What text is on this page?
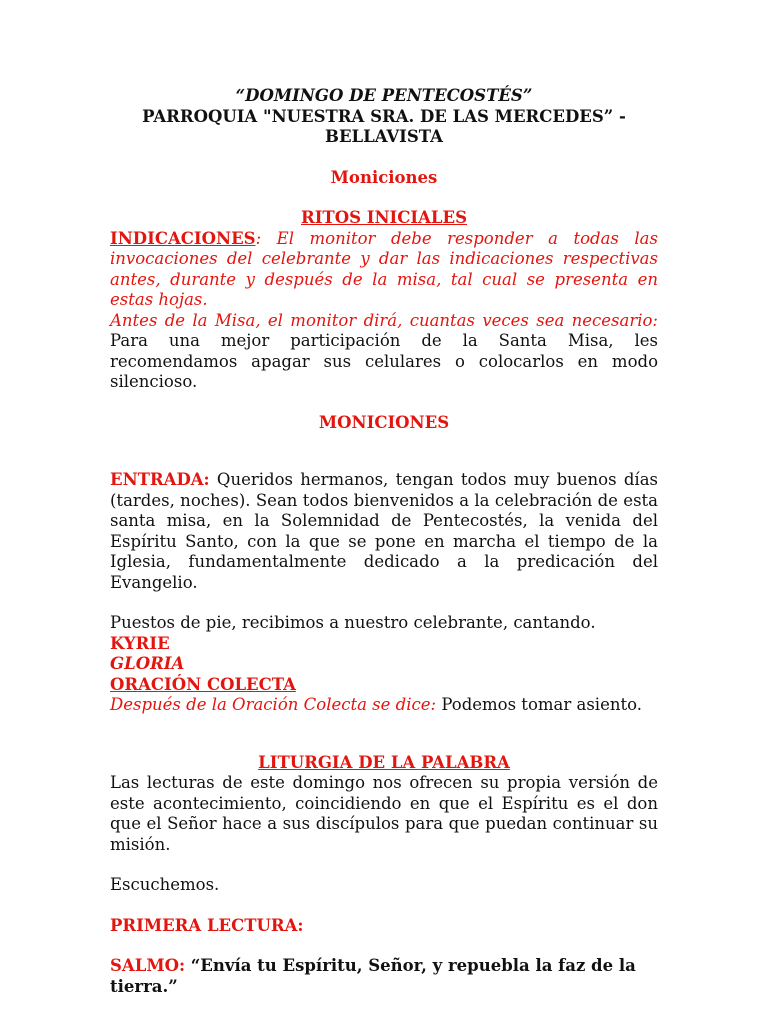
“DOMINGO DE PENTECOSTÉS”

PARROQUIA "NUESTRA SRA. DE LAS MERCEDES” -

BELLAVISTA

Moniciones

RITOS INICIALES

INDICACIONES: El monitor debe responder a todas las invocaciones del celebrante y dar las indicaciones respectivas antes, durante y después de la misa, tal cual se presenta en estas hojas.

Antes de la Misa, el monitor dirá, cuantas veces sea necesario: Para una mejor participación de la Santa Misa, les recomendamos apagar sus celulares o colocarlos en modo silencioso.

MONICIONES

ENTRADA: Queridos hermanos, tengan todos muy buenos días (tardes, noches). Sean todos bienvenidos a la celebración de esta santa misa, en la Solemnidad de Pentecostés, la venida del Espíritu Santo, con la que se pone en marcha el tiempo de la Iglesia, fundamentalmente dedicado a la predicación del Evangelio.

Puestos de pie, recibimos a nuestro celebrante, cantando.

KYRIE

GLORIA

ORACIÓN COLECTA

Después de la Oración Colecta se dice: Podemos tomar asiento.

LITURGIA DE LA PALABRA

Las lecturas de este domingo nos ofrecen su propia versión de este acontecimiento, coincidiendo en que el Espíritu es el don que el Señor hace a sus discípulos para que puedan continuar su misión.

Escuchemos.

PRIMERA LECTURA:

SALMO: “Envía tu Espíritu, Señor, y repuebla la faz de la tierra.”
